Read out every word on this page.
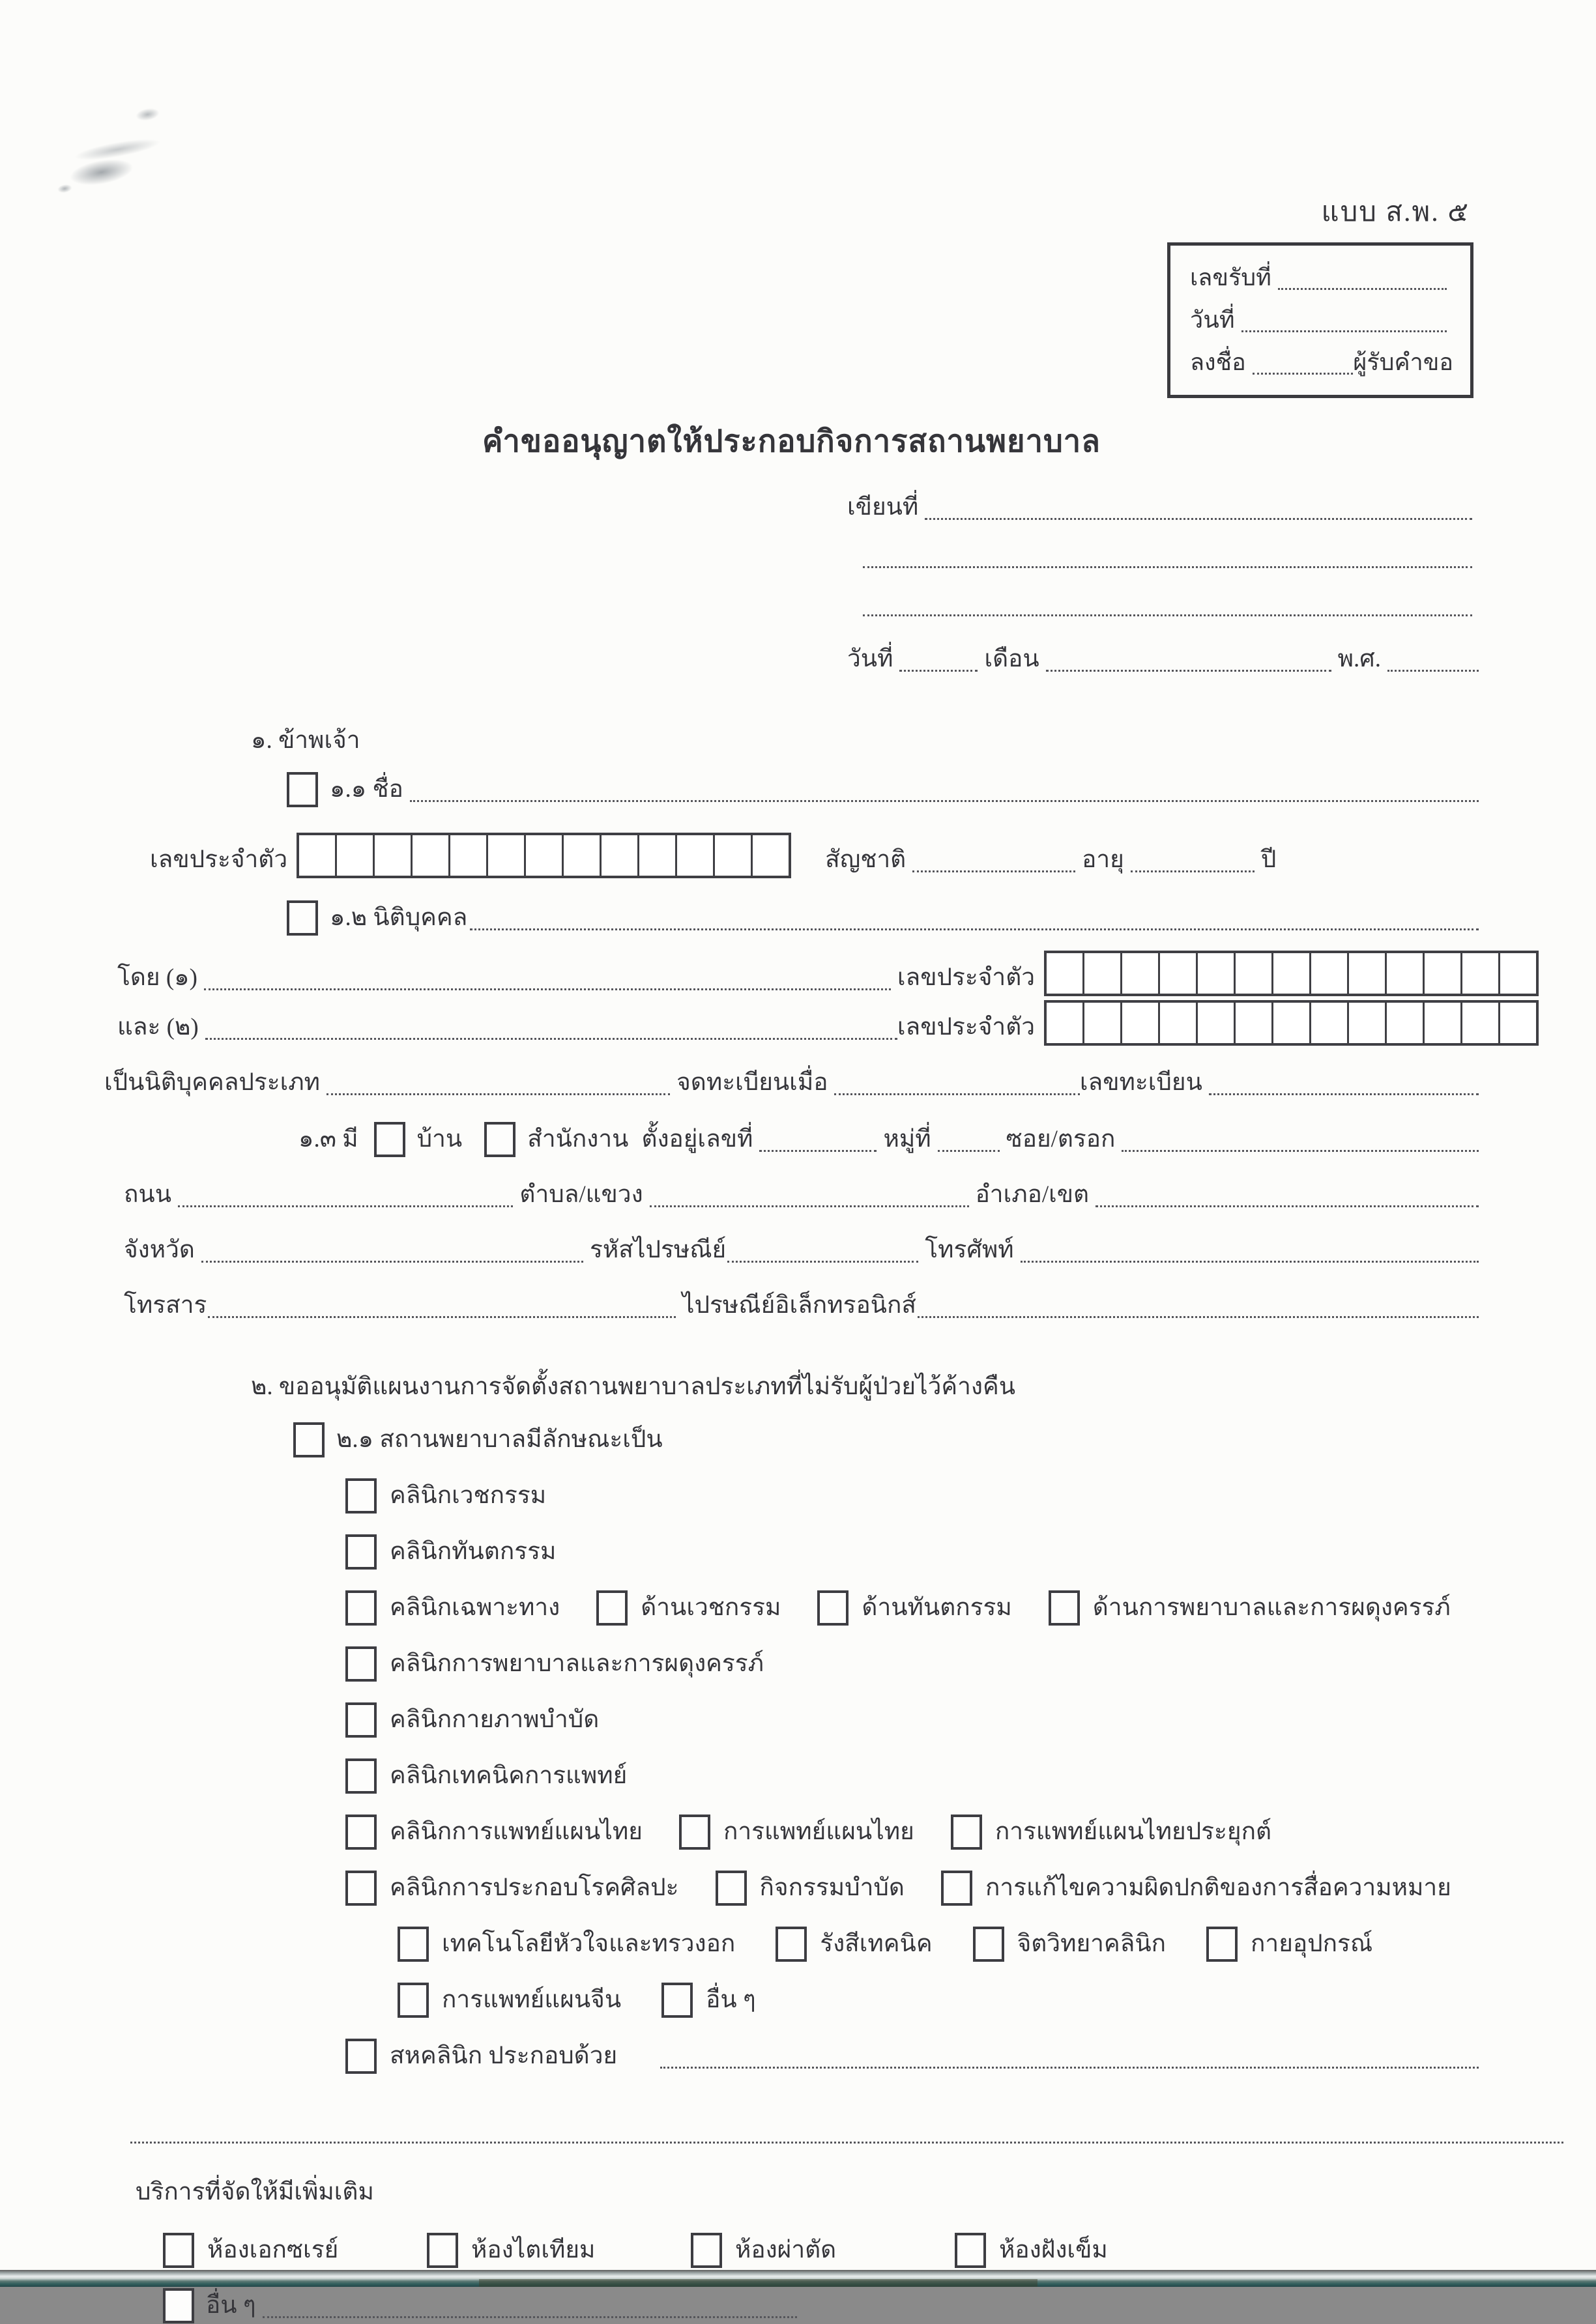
แบบ ส.พ. ๕
เลขรับที่
วันที่
ลงชื่อ	ผู้รับคำขอ
คำขออนุญาตให้ประกอบกิจการสถานพยาบาล
เขียนที่
วันที่	เดือน	พ.ศ.
๑. ข้าพเจ้า
๑.๑ ชื่อ
เลขประจำตัว	สัญชาติ	อายุ	ปี
๑.๒ นิติบุคคล
โดย (๑)	เลขประจำตัว
และ (๒)	เลขประจำตัว
เป็นนิติบุคคลประเภท	จดทะเบียนเมื่อ	เลขทะเบียน
๑.๓ มี บ้าน	สำนักงาน ตั้งอยู่เลขที่	หมู่ที่	ซอย/ตรอก
ถนน	ตำบล/แขวง	อำเภอ/เขต
จังหวัด	รหัสไปรษณีย์	โทรศัพท์
โทรสาร	ไปรษณีย์อิเล็กทรอนิกส์
๒. ขออนุมัติแผนงานการจัดตั้งสถานพยาบาลประเภทที่ไม่รับผู้ป่วยไว้ค้างคืน
๒.๑ สถานพยาบาลมีลักษณะเป็น
คลินิกเวชกรรม
คลินิกทันตกรรม
คลินิกเฉพาะทาง	ด้านเวชกรรม	ด้านทันตกรรม	ด้านการพยาบาลและการผดุงครรภ์
คลินิกการพยาบาลและการผดุงครรภ์
คลินิกกายภาพบำบัด
คลินิกเทคนิคการแพทย์
คลินิกการแพทย์แผนไทย	การแพทย์แผนไทย	การแพทย์แผนไทยประยุกต์
คลินิกการประกอบโรคศิลปะ	กิจกรรมบำบัด	การแก้ไขความผิดปกติของการสื่อความหมาย
เทคโนโลยีหัวใจและทรวงอก	รังสีเทคนิค	จิตวิทยาคลินิก	กายอุปกรณ์
การแพทย์แผนจีน	อื่น ๆ
สหคลินิก ประกอบด้วย
บริการที่จัดให้มีเพิ่มเติม
ห้องเอกซเรย์	ห้องไตเทียม	ห้องผ่าตัด	ห้องฝังเข็ม
อื่น ๆ
